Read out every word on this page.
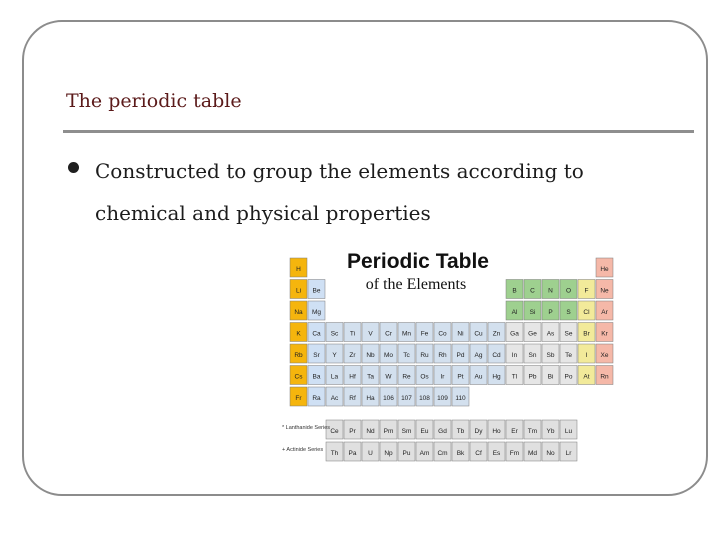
The periodic table
Constructed to group the elements according to
chemical and physical properties
Periodic Table
of the Elements
H	He
Li Be	B C N O F Ne
Na Mg	Al Si P S Cl Ar
K Ca Sc Ti V Cr Mn Fe Co Ni Cu Zn Ga Ge As Se Br Kr
Rb Sr Y Zr Nb Mo Tc Ru Rh Pd Ag Cd In Sn Sb Te I Xe
Cs Ba La Hf Ta W Re Os Ir Pt Au Hg Tl Pb Bi Po At Rn
Fr Ra Ac Rf Ha 106 107 108 109 110
Ce Pr Nd Pm Sm Eu Gd Tb Dy Ho Er Tm Yb Lu
Th Pa U Np Pu Am Cm Bk Cf Es Fm Md No Lr
* Lanthanide Series
+ Actinide Series
